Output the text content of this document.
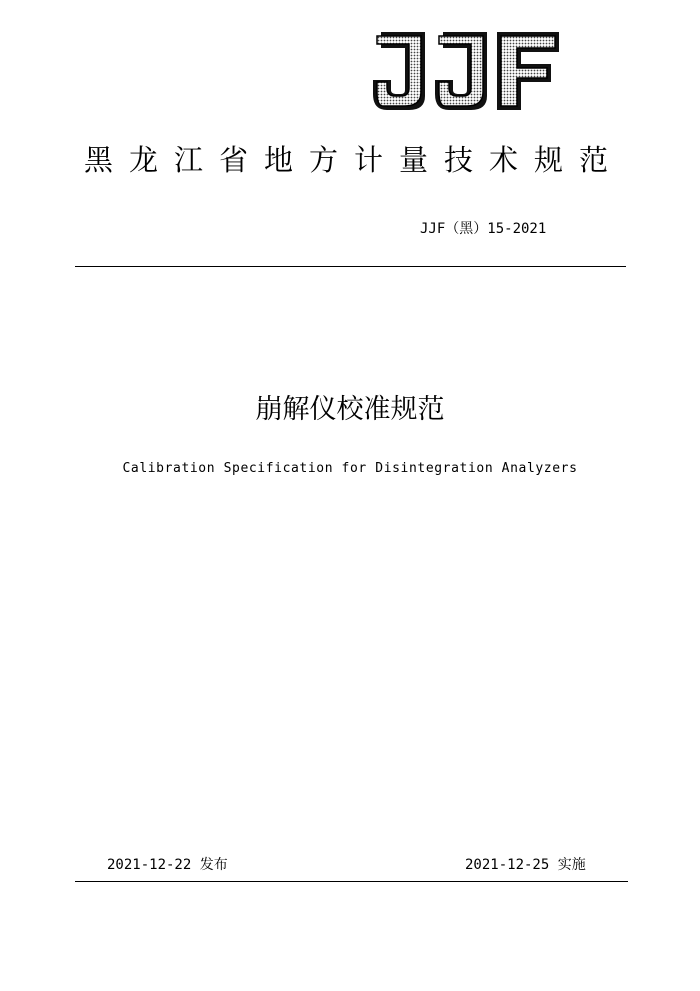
黑龙江省地方计量技术规范
JJF（黑）15-2021
崩解仪校准规范
Calibration Specification for Disintegration Analyzers
2021-12-22 发布	2021-12-25 实施
